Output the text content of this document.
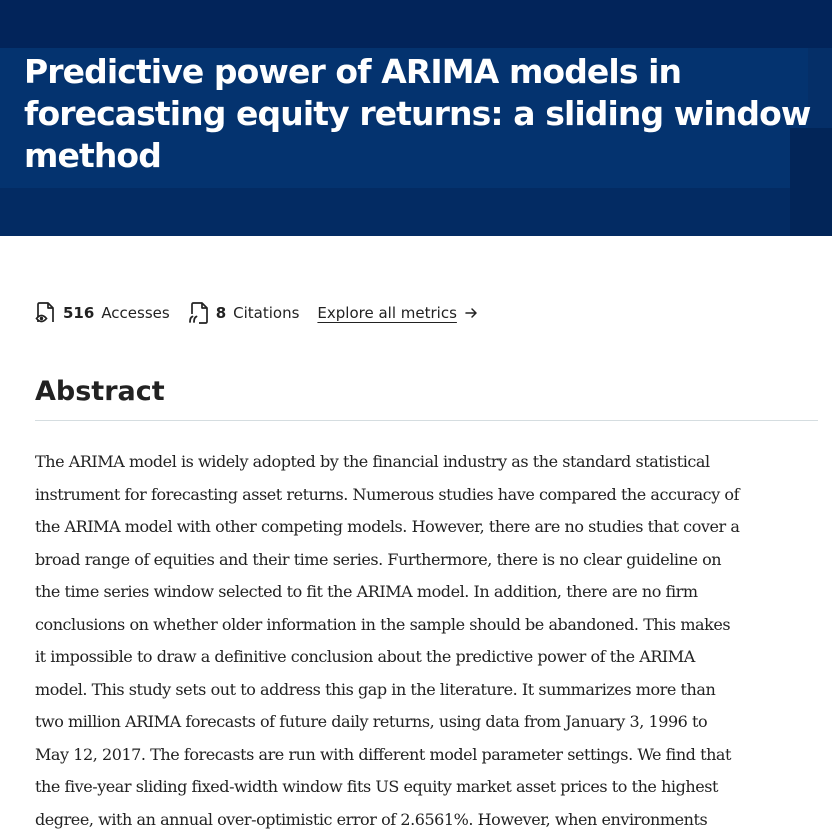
Predictive power of ARIMA models in forecasting equity returns: a sliding window method
516 Accesses	8 Citations Explore all metrics
Abstract

The ARIMA model is widely adopted by the financial industry as the standard statistical
instrument for forecasting asset returns. Numerous studies have compared the accuracy of
the ARIMA model with other competing models. However, there are no studies that cover a
broad range of equities and their time series. Furthermore, there is no clear guideline on
the time series window selected to fit the ARIMA model. In addition, there are no firm
conclusions on whether older information in the sample should be abandoned. This makes
it impossible to draw a definitive conclusion about the predictive power of the ARIMA
model. This study sets out to address this gap in the literature. It summarizes more than
two million ARIMA forecasts of future daily returns, using data from January 3, 1996 to
May 12, 2017. The forecasts are run with different model parameter settings. We find that
the five-year sliding fixed-width window fits US equity market asset prices to the highest
degree, with an annual over-optimistic error of 2.6561%. However, when environments
